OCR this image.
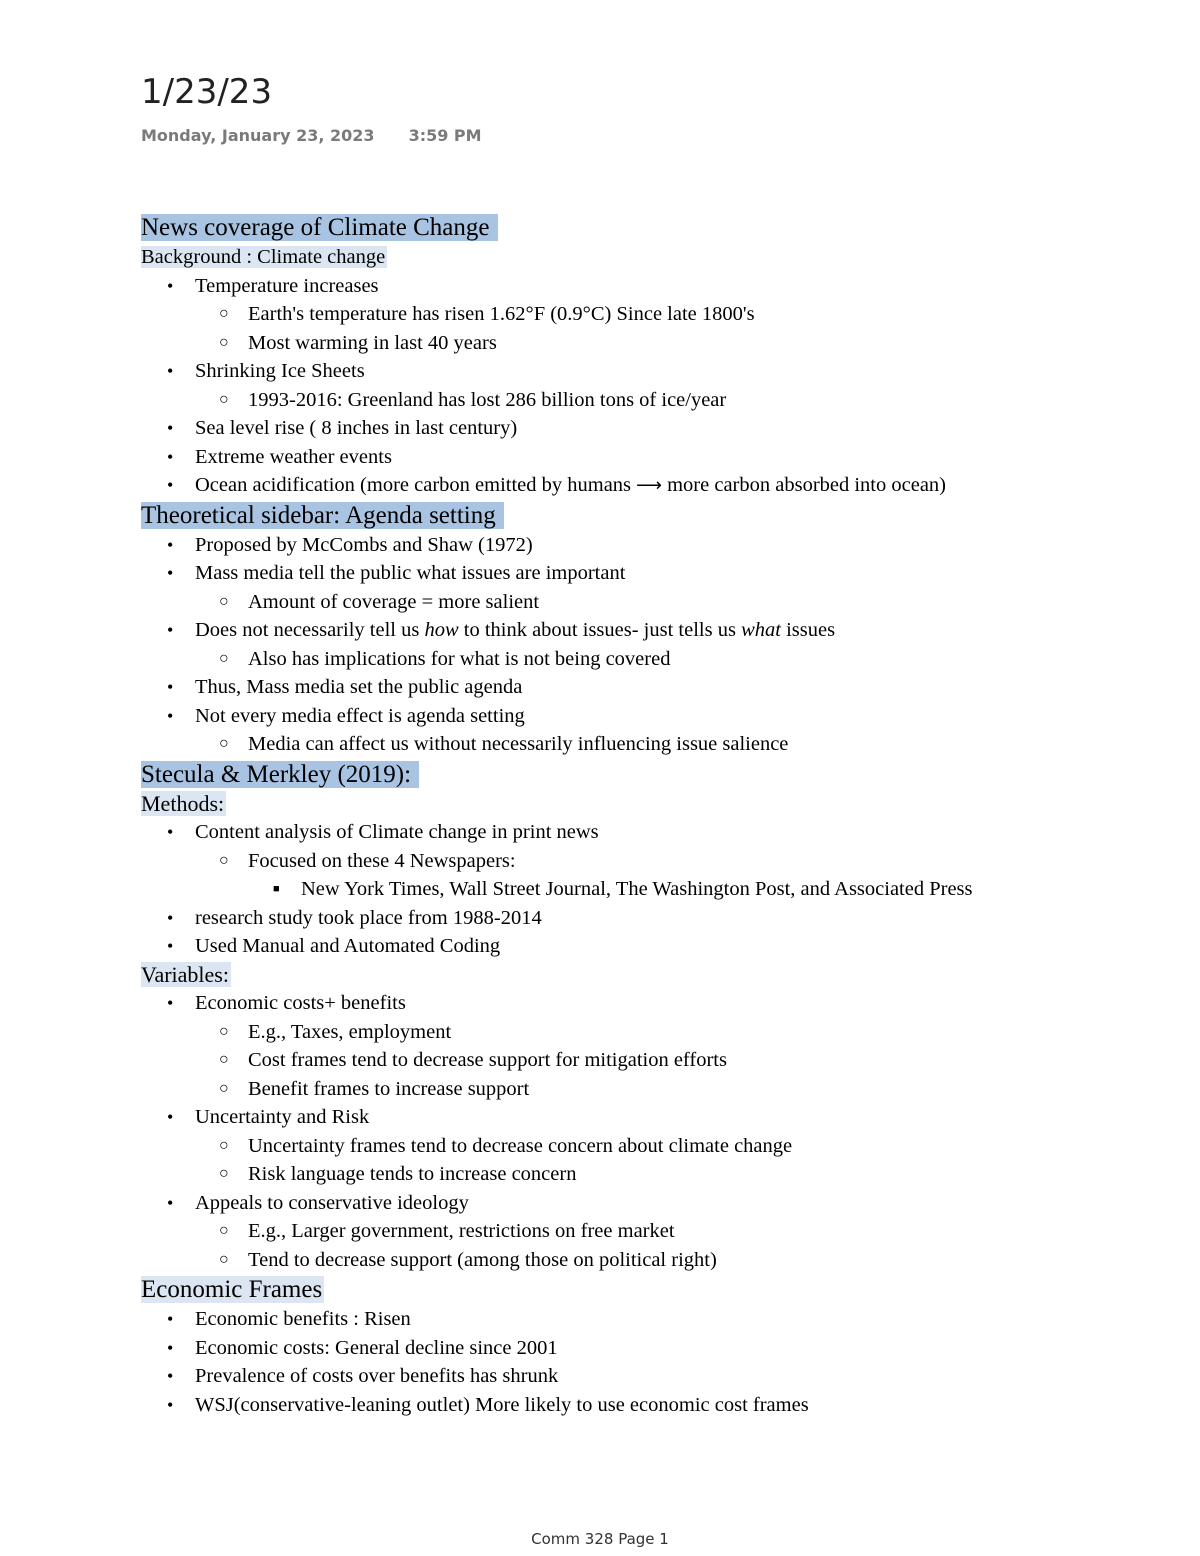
1/23/23
Monday, January 23, 2023 3:59 PM
News coverage of Climate Change
Background : Climate change
• Temperature increases
○ Earth's temperature has risen 1.62°F (0.9°C) Since late 1800's
○ Most warming in last 40 years
• Shrinking Ice Sheets
○ 1993-2016: Greenland has lost 286 billion tons of ice/year
• Sea level rise ( 8 inches in last century)
• Extreme weather events
• Ocean acidification (more carbon emitted by humans ⟶ more carbon absorbed into ocean)
Theoretical sidebar: Agenda setting
• Proposed by McCombs and Shaw (1972)
• Mass media tell the public what issues are important
○ Amount of coverage = more salient
• Does not necessarily tell us how to think about issues- just tells us what issues
○ Also has implications for what is not being covered
• Thus, Mass media set the public agenda
• Not every media effect is agenda setting
○ Media can affect us without necessarily influencing issue salience
Stecula & Merkley (2019):
Methods:
• Content analysis of Climate change in print news
○ Focused on these 4 Newspapers:
■ New York Times, Wall Street Journal, The Washington Post, and Associated Press
• research study took place from 1988-2014
• Used Manual and Automated Coding
Variables:
• Economic costs+ benefits
○ E.g., Taxes, employment
○ Cost frames tend to decrease support for mitigation efforts
○ Benefit frames to increase support
• Uncertainty and Risk
○ Uncertainty frames tend to decrease concern about climate change
○ Risk language tends to increase concern
• Appeals to conservative ideology
○ E.g., Larger government, restrictions on free market
○ Tend to decrease support (among those on political right)
Economic Frames
• Economic benefits : Risen
• Economic costs: General decline since 2001
• Prevalence of costs over benefits has shrunk
• WSJ(conservative-leaning outlet) More likely to use economic cost frames
Comm 328 Page 1
